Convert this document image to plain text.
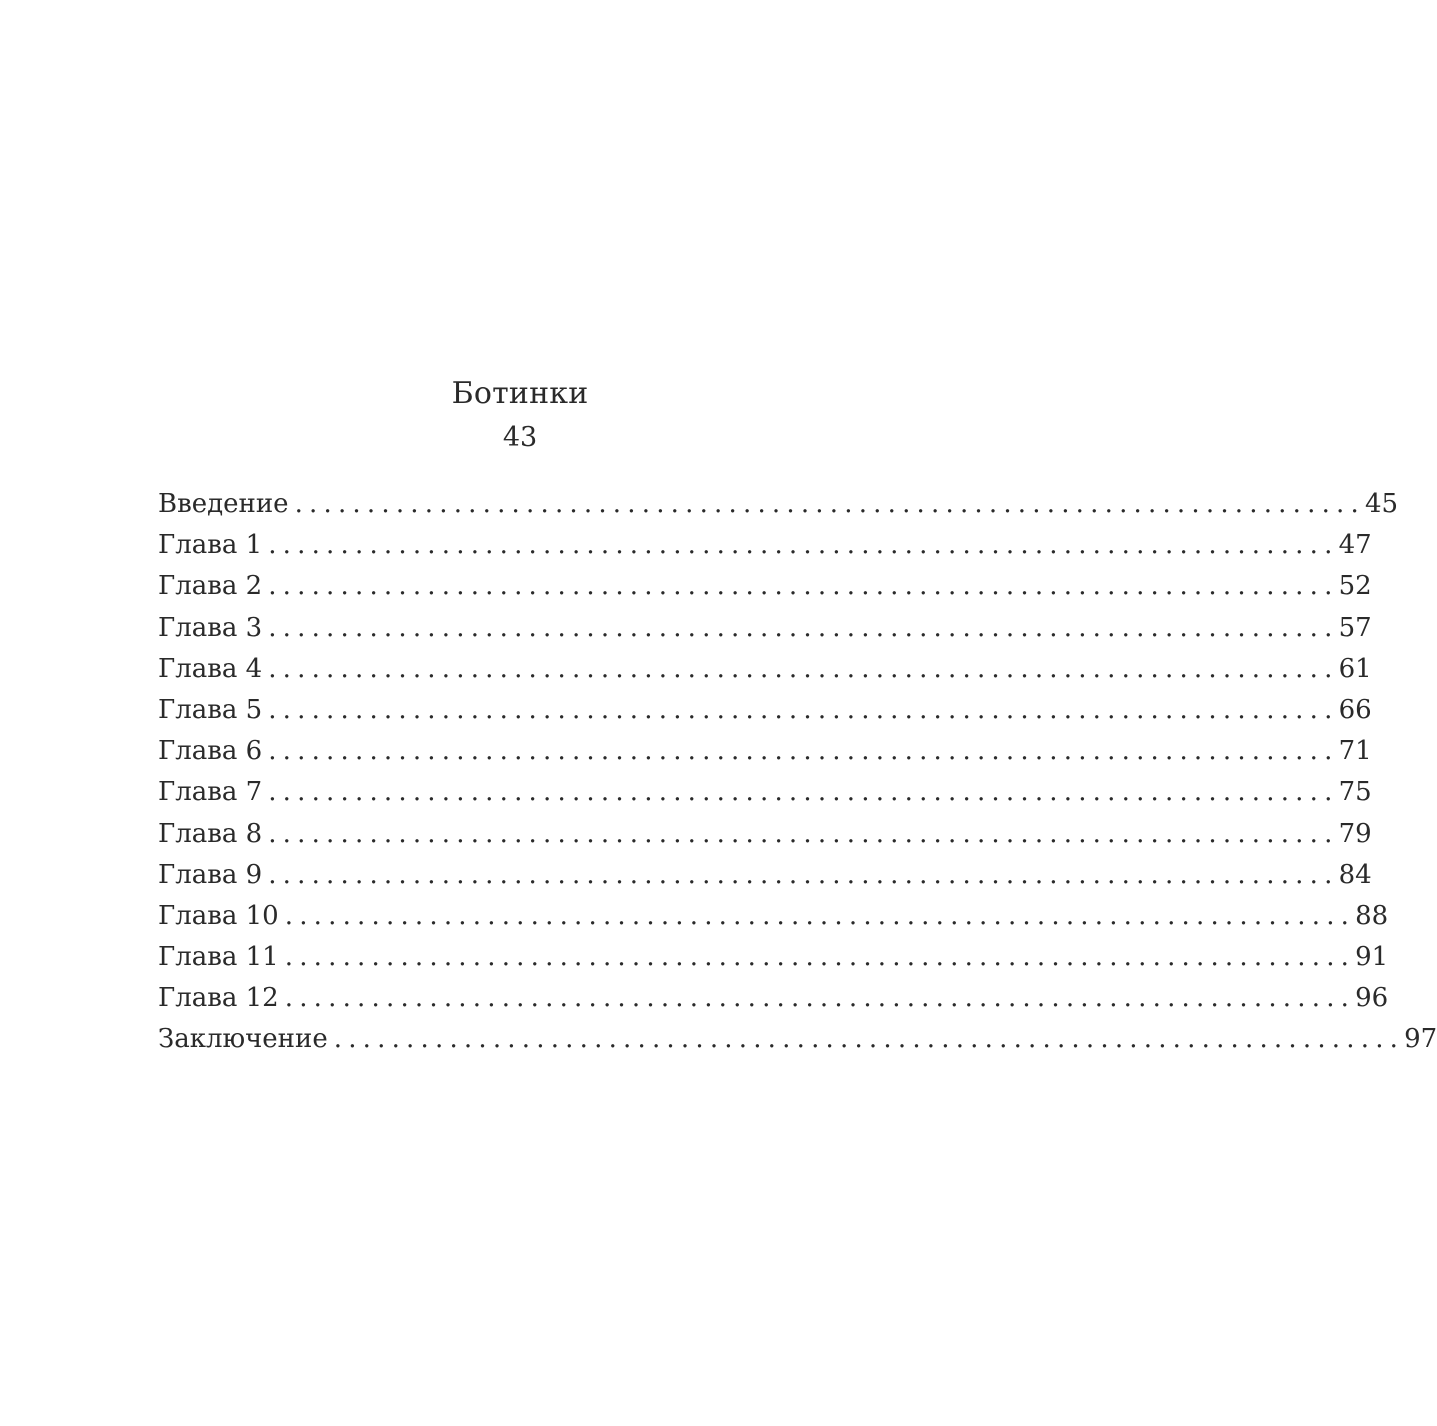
Ботинки
43
Введение .......................................................................... 45
Глава 1 .......................................................................... 47
Глава 2 .......................................................................... 52
Глава 3 .......................................................................... 57
Глава 4 .......................................................................... 61
Глава 5 .......................................................................... 66
Глава 6 .......................................................................... 71
Глава 7 .......................................................................... 75
Глава 8 .......................................................................... 79
Глава 9 .......................................................................... 84
Глава 10 .......................................................................... 88
Глава 11 .......................................................................... 91
Глава 12 .......................................................................... 96
Заключение .......................................................................... 97
